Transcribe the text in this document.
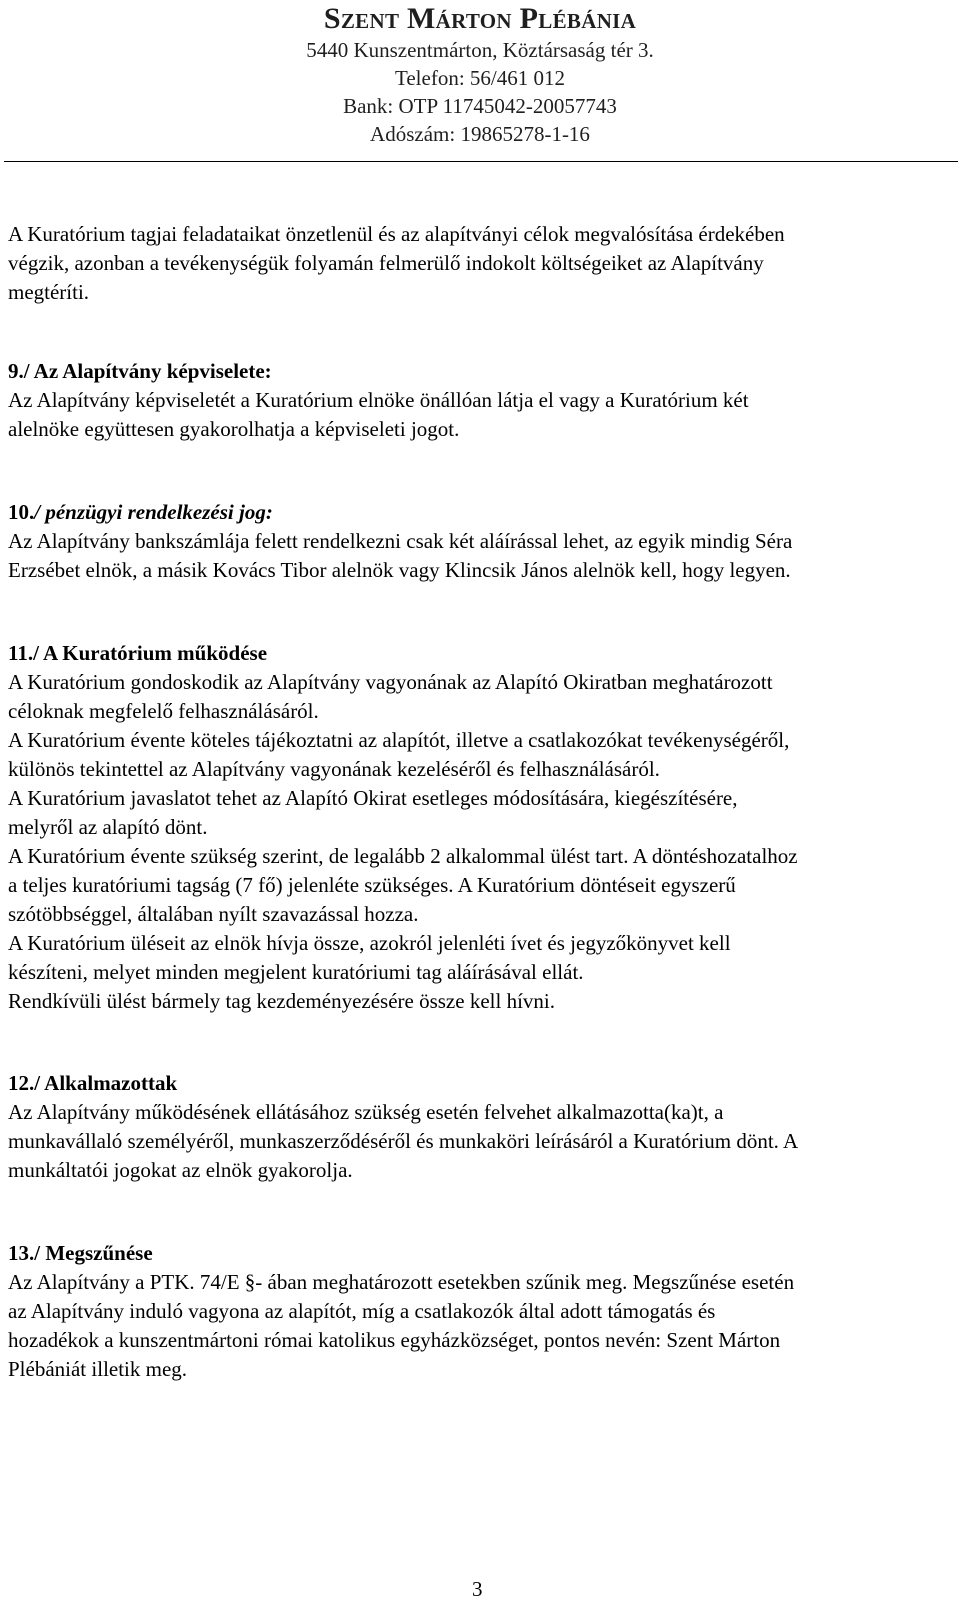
Szent Márton Plébánia
5440 Kunszentmárton, Köztársaság tér 3.
Telefon: 56/461 012
Bank: OTP 11745042-20057743
Adószám: 19865278-1-16
A Kuratórium tagjai feladataikat önzetlenül és az alapítványi célok megvalósítása érdekében
végzik, azonban a tevékenységük folyamán felmerülő indokolt költségeiket az Alapítvány
megtéríti.
9./ Az Alapítvány képviselete:
Az Alapítvány képviseletét a Kuratórium elnöke önállóan látja el vagy a Kuratórium két
alelnöke együttesen gyakorolhatja a képviseleti jogot.
10./ pénzügyi rendelkezési jog:
Az Alapítvány bankszámlája felett rendelkezni csak két aláírással lehet, az egyik mindig Séra
Erzsébet elnök, a másik Kovács Tibor alelnök vagy Klincsik János alelnök kell, hogy legyen.
11./ A Kuratórium működése
A Kuratórium gondoskodik az Alapítvány vagyonának az Alapító Okiratban meghatározott
céloknak megfelelő felhasználásáról.
A Kuratórium évente köteles tájékoztatni az alapítót, illetve a csatlakozókat tevékenységéről,
különös tekintettel az Alapítvány vagyonának kezeléséről és felhasználásáról.
A Kuratórium javaslatot tehet az Alapító Okirat esetleges módosítására, kiegészítésére,
melyről az alapító dönt.
A Kuratórium évente szükség szerint, de legalább 2 alkalommal ülést tart. A döntéshozatalhoz
a teljes kuratóriumi tagság (7 fő) jelenléte szükséges. A Kuratórium döntéseit egyszerű
szótöbbséggel, általában nyílt szavazással hozza.
A Kuratórium üléseit az elnök hívja össze, azokról jelenléti ívet és jegyzőkönyvet kell
készíteni, melyet minden megjelent kuratóriumi tag aláírásával ellát.
Rendkívüli ülést bármely tag kezdeményezésére össze kell hívni.
12./ Alkalmazottak
Az Alapítvány működésének ellátásához szükség esetén felvehet alkalmazotta(ka)t, a
munkavállaló személyéről, munkaszerződéséről és munkaköri leírásáról a Kuratórium dönt. A
munkáltatói jogokat az elnök gyakorolja.
13./ Megszűnése
Az Alapítvány a PTK. 74/E §- ában meghatározott esetekben szűnik meg. Megszűnése esetén
az Alapítvány induló vagyona az alapítót, míg a csatlakozók által adott támogatás és
hozadékok a kunszentmártoni római katolikus egyházközséget, pontos nevén: Szent Márton
Plébániát illetik meg.
3
